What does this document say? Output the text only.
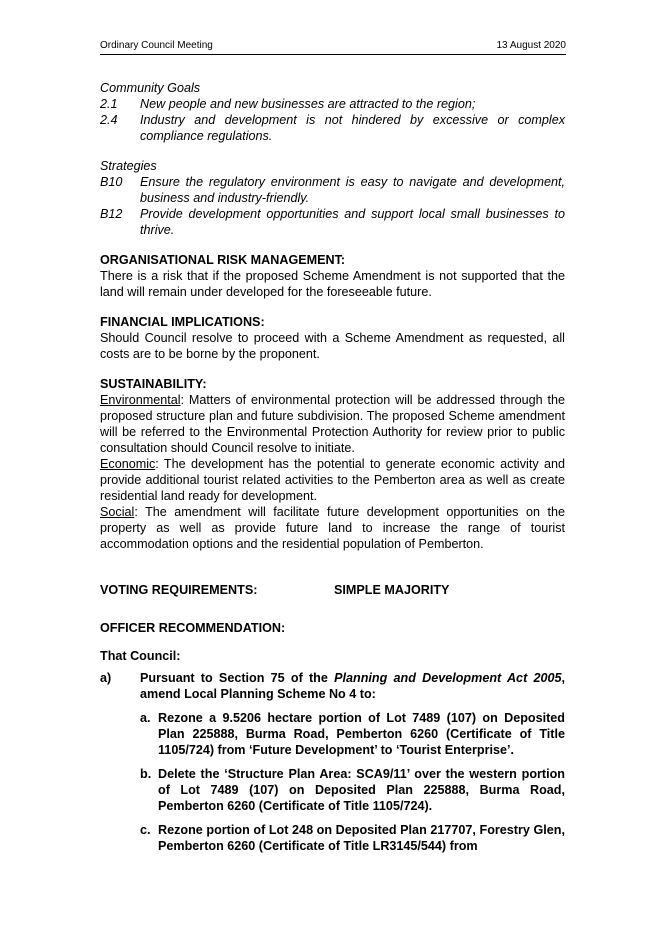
Ordinary Council Meeting	13 August 2020
Community Goals
2.1	New people and new businesses are attracted to the region;
2.4	Industry and development is not hindered by excessive or complex compliance regulations.
Strategies
B10	Ensure the regulatory environment is easy to navigate and development, business and industry-friendly.
B12	Provide development opportunities and support local small businesses to thrive.
ORGANISATIONAL RISK MANAGEMENT:

There is a risk that if the proposed Scheme Amendment is not supported that the land will remain under developed for the foreseeable future.

FINANCIAL IMPLICATIONS:

Should Council resolve to proceed with a Scheme Amendment as requested, all costs are to be borne by the proponent.

SUSTAINABILITY:

Environmental: Matters of environmental protection will be addressed through the proposed structure plan and future subdivision. The proposed Scheme amendment will be referred to the Environmental Protection Authority for review prior to public consultation should Council resolve to initiate.

Economic: The development has the potential to generate economic activity and provide additional tourist related activities to the Pemberton area as well as create residential land ready for development.

Social: The amendment will facilitate future development opportunities on the property as well as provide future land to increase the range of tourist accommodation options and the residential population of Pemberton.

VOTING REQUIREMENTS:	SIMPLE MAJORITY
OFFICER RECOMMENDATION:
That Council:
a)	Pursuant to Section 75 of the Planning and Development Act 2005, amend Local Planning Scheme No 4 to:
a. Rezone a 9.5206 hectare portion of Lot 7489 (107) on Deposited Plan 225888, Burma Road, Pemberton 6260 (Certificate of Title 1105/724) from ‘Future Development’ to ‘Tourist Enterprise’.
b. Delete the ‘Structure Plan Area: SCA9/11’ over the western portion of Lot 7489 (107) on Deposited Plan 225888, Burma Road, Pemberton 6260 (Certificate of Title 1105/724).
c. Rezone portion of Lot 248 on Deposited Plan 217707, Forestry Glen, Pemberton 6260 (Certificate of Title LR3145/544) from
